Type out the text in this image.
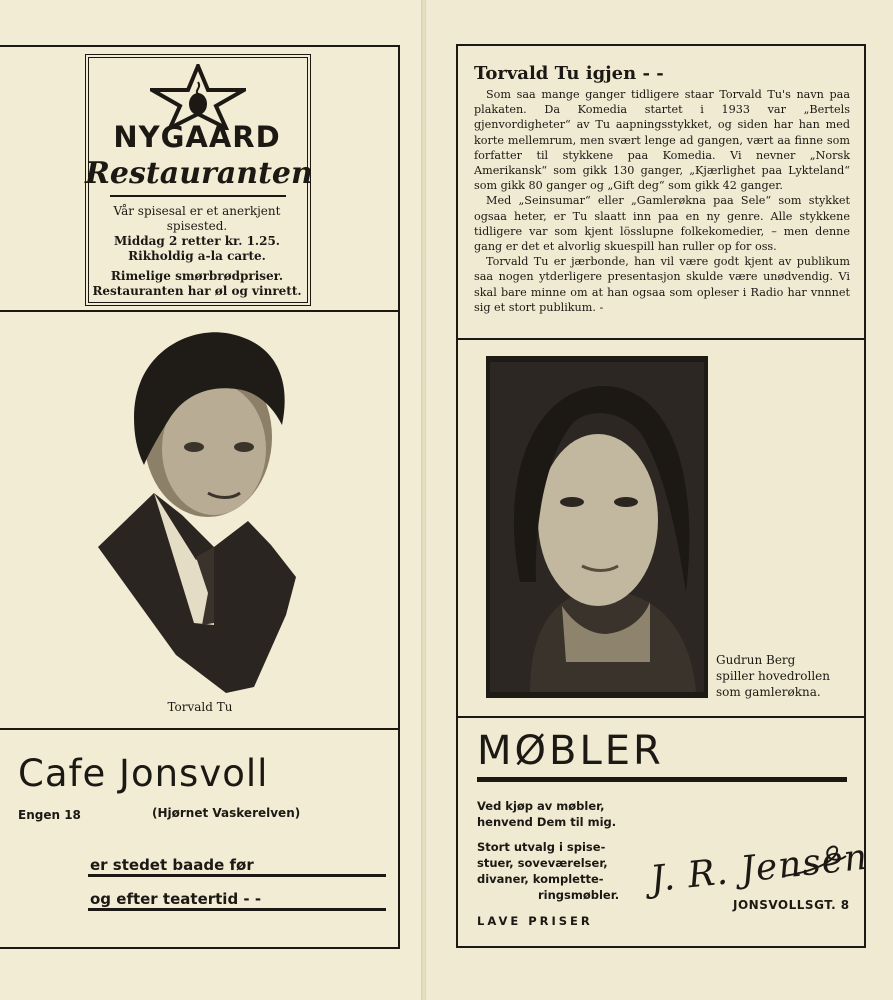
NYGAARD
Restauranten
Vår spisesal er et anerkjent
spisested.
Middag 2 retter kr. 1.25.
Rikholdig a-la carte.
Rimelige smørbrødpriser.
Restauranten har øl og vinrett.
Torvald Tu
Cafe Jonsvoll
Engen 18	(Hjørnet Vaskerelven)
er stedet baade før
og efter teatertid - -
Torvald Tu igjen - -

Som saa mange ganger tidligere staar Torvald Tu's navn paa plakaten. Da Komedia startet i 1933 var „Bertels gjenvordigheter“ av Tu aapningsstykket, og siden har han med korte mellemrum, men svært lenge ad gangen, vært aa finne som forfatter til stykkene paa Komedia. Vi nevner „Norsk Amerikansk“ som gikk 130 ganger, „Kjærlighet paa Lykteland“ som gikk 80 ganger og „Gift deg“ som gikk 42 ganger.

Med „Seinsumar“ eller „Gamlerøkna paa Sele“ som stykket ogsaa heter, er Tu slaatt inn paa en ny genre. Alle stykkene tidligere var som kjent lösslupne folkekomedier, – men denne gang er det et alvorlig skuespill han ruller op for oss.

Torvald Tu er jærbonde, han vil være godt kjent av publikum saa nogen ytderligere presentasjon skulde være unødvendig. Vi skal bare minne om at han ogsaa som opleser i Radio har vnnnet sig et stort publikum. -

Gudrun Berg
spiller hovedrollen
som gamlerøkna.
MØBLER
Ved kjøp av møbler,
henvend Dem til mig.
Stort utvalg i spise-
stuer, soveværelser,
divaner, komplette-
ringsmøbler.
LAVE PRISER
J. R. Jensen
JONSVOLLSGT. 8
